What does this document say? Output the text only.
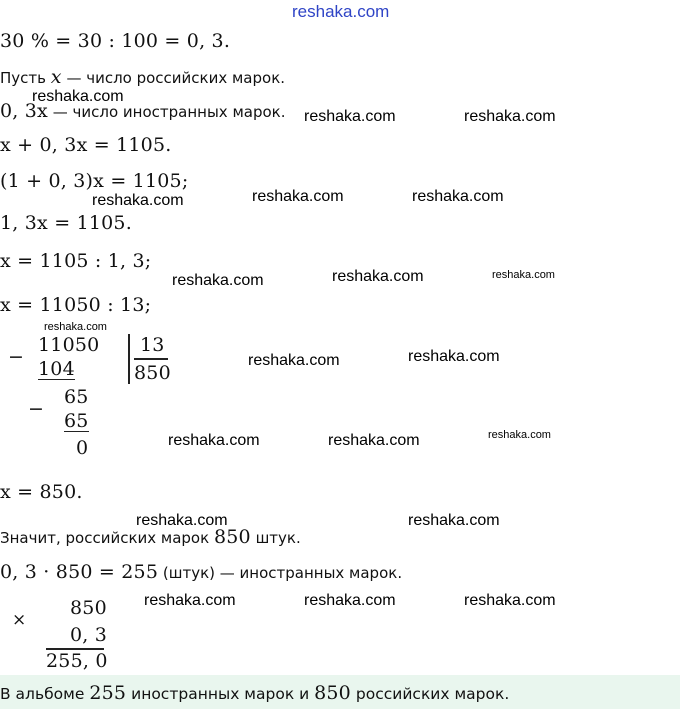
reshaka.com
30 % = 30 : 100 = 0, 3.
Пусть x — число российских марок.
0, 3x — число иностранных марок.
x + 0, 3x = 1105.
(1 + 0, 3)x = 1105;
1, 3x = 1105.
x = 1105 : 1, 3;
x = 11050 : 13;
−
11050
104
13
850
−
65
65
0
x = 850.
Значит, российских марок 850 штук.
0, 3 · 850 = 255 (штук) — иностранных марок.
×
850
0, 3
255, 0
В альбоме 255 иностранных марок и 850 российских марок.
reshaka.com
reshaka.com	reshaka.com
reshaka.com	reshaka.com	reshaka.com
reshaka.com	reshaka.com	reshaka.com
reshaka.com
reshaka.com	reshaka.com
reshaka.com	reshaka.com	reshaka.com
reshaka.com	reshaka.com
reshaka.com	reshaka.com	reshaka.com
